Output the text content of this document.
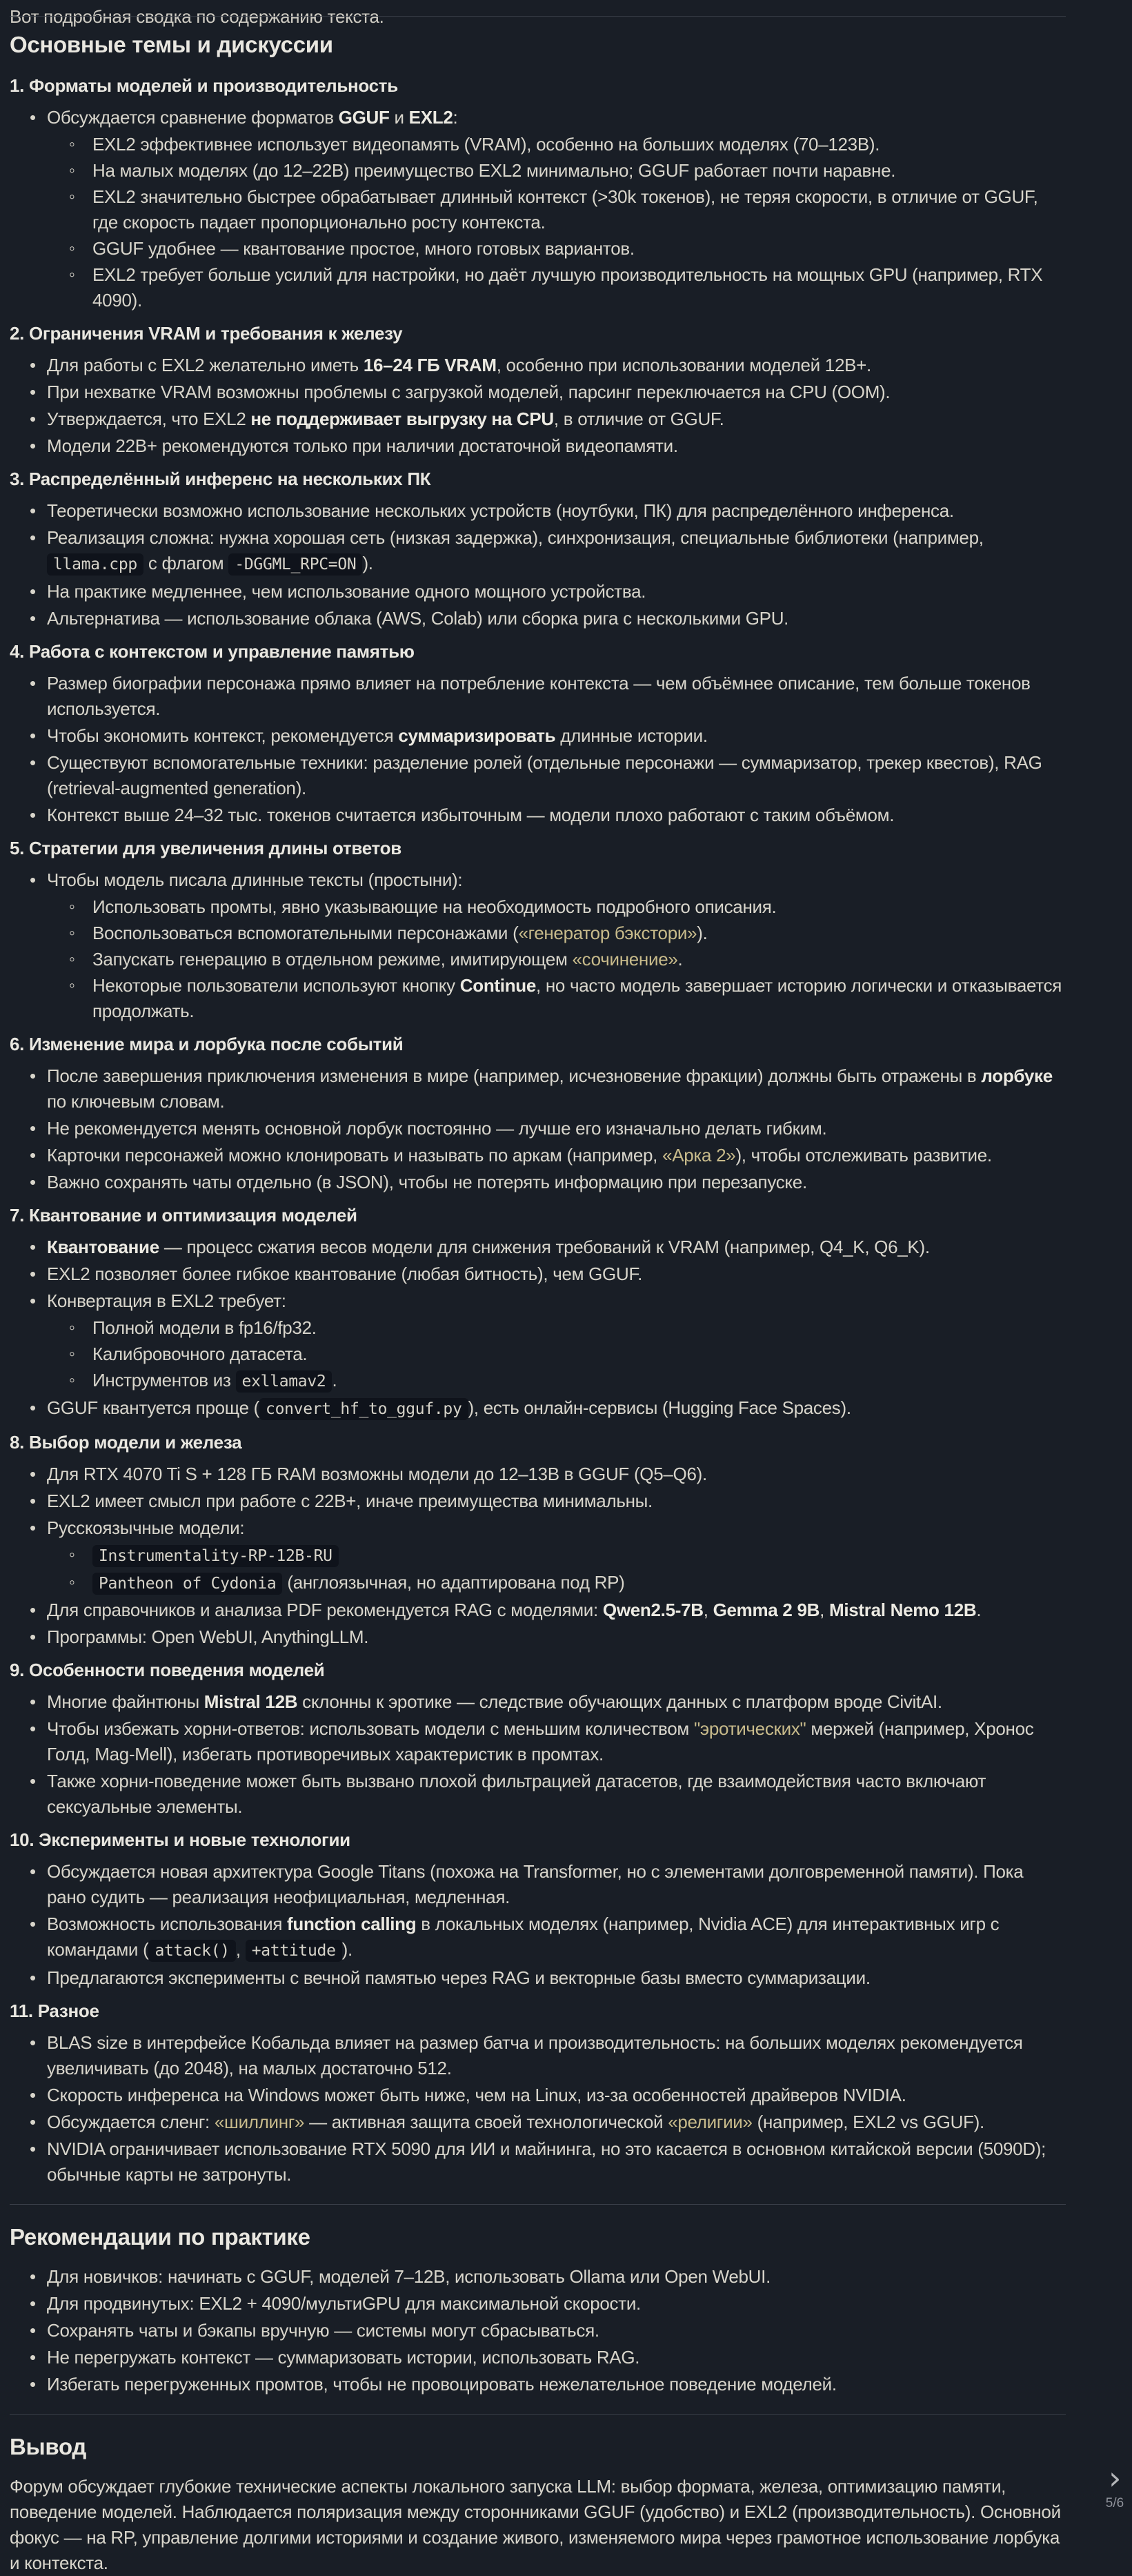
Вот подробная сводка по содержанию текста.
Основные темы и дискуссии
1. Форматы моделей и производительность
• Обсуждается сравнение форматов GGUF и EXL2:
◦ EXL2 эффективнее использует видеопамять (VRAM), особенно на больших моделях (70–123B).
◦ На малых моделях (до 12–22B) преимущество EXL2 минимально; GGUF работает почти наравне.
◦ EXL2 значительно быстрее обрабатывает длинный контекст (>30k токенов), не теряя скорости, в отличие от GGUF, где скорость падает пропорционально росту контекста.
◦ GGUF удобнее — квантование простое, много готовых вариантов.
◦ EXL2 требует больше усилий для настройки, но даёт лучшую производительность на мощных GPU (например, RTX 4090).
2. Ограничения VRAM и требования к железу
• Для работы с EXL2 желательно иметь 16–24 ГБ VRAM, особенно при использовании моделей 12B+.
• При нехватке VRAM возможны проблемы с загрузкой моделей, парсинг переключается на CPU (OOM).
• Утверждается, что EXL2 не поддерживает выгрузку на CPU, в отличие от GGUF.
• Модели 22B+ рекомендуются только при наличии достаточной видеопамяти.
3. Распределённый инференс на нескольких ПК
• Теоретически возможно использование нескольких устройств (ноутбуки, ПК) для распределённого инференса.
• Реализация сложна: нужна хорошая сеть (низкая задержка), синхронизация, специальные библиотеки (например, llama.cpp с флагом -DGGML_RPC=ON ).
• На практике медленнее, чем использование одного мощного устройства.
• Альтернатива — использование облака (AWS, Colab) или сборка рига с несколькими GPU.
4. Работа с контекстом и управление памятью
• Размер биографии персонажа прямо влияет на потребление контекста — чем объёмнее описание, тем больше токенов используется.
• Чтобы экономить контекст, рекомендуется суммаризировать длинные истории.
• Существуют вспомогательные техники: разделение ролей (отдельные персонажи — суммаризатор, трекер квестов), RAG (retrieval-augmented generation).
• Контекст выше 24–32 тыс. токенов считается избыточным — модели плохо работают с таким объёмом.
5. Стратегии для увеличения длины ответов
• Чтобы модель писала длинные тексты (простыни):
◦ Использовать промты, явно указывающие на необходимость подробного описания.
◦ Воспользоваться вспомогательными персонажами («генератор бэкстори»).
◦ Запускать генерацию в отдельном режиме, имитирующем «сочинение».
◦ Некоторые пользователи используют кнопку Continue, но часто модель завершает историю логически и отказывается продолжать.
6. Изменение мира и лорбука после событий
• После завершения приключения изменения в мире (например, исчезновение фракции) должны быть отражены в лорбуке по ключевым словам.
• Не рекомендуется менять основной лорбук постоянно — лучше его изначально делать гибким.
• Карточки персонажей можно клонировать и называть по аркам (например, «Арка 2»), чтобы отслеживать развитие.
• Важно сохранять чаты отдельно (в JSON), чтобы не потерять информацию при перезапуске.
7. Квантование и оптимизация моделей
• Квантование — процесс сжатия весов модели для снижения требований к VRAM (например, Q4_K, Q6_K).
• EXL2 позволяет более гибкое квантование (любая битность), чем GGUF.
• Конвертация в EXL2 требует:
◦ Полной модели в fp16/fp32.
◦ Калибровочного датасета.
◦ Инструментов из exllamav2 .
• GGUF квантуется проще ( convert_hf_to_gguf.py ), есть онлайн-сервисы (Hugging Face Spaces).
8. Выбор модели и железа
• Для RTX 4070 Ti S + 128 ГБ RAM возможны модели до 12–13B в GGUF (Q5–Q6).
• EXL2 имеет смысл при работе с 22B+, иначе преимущества минимальны.
• Русскоязычные модели:
◦ Instrumentality-RP-12B-RU
◦ Pantheon of Cydonia (англоязычная, но адаптирована под RP)
• Для справочников и анализа PDF рекомендуется RAG с моделями: Qwen2.5-7B, Gemma 2 9B, Mistral Nemo 12B.
• Программы: Open WebUI, AnythingLLM.
9. Особенности поведения моделей
• Многие файнтюны Mistral 12B склонны к эротике — следствие обучающих данных с платформ вроде CivitAI.
• Чтобы избежать хорни-ответов: использовать модели с меньшим количеством "эротических" мержей (например, Хронос Голд, Mag-Mell), избегать противоречивых характеристик в промтах.
• Также хорни-поведение может быть вызвано плохой фильтрацией датасетов, где взаимодействия часто включают сексуальные элементы.
10. Эксперименты и новые технологии
• Обсуждается новая архитектура Google Titans (похожа на Transformer, но с элементами долговременной памяти). Пока рано судить — реализация неофициальная, медленная.
• Возможность использования function calling в локальных моделях (например, Nvidia ACE) для интерактивных игр с командами ( attack() , +attitude ).
• Предлагаются эксперименты с вечной памятью через RAG и векторные базы вместо суммаризации.
11. Разное
• BLAS size в интерфейсе Кобальда влияет на размер батча и производительность: на больших моделях рекомендуется увеличивать (до 2048), на малых достаточно 512.
• Скорость инференса на Windows может быть ниже, чем на Linux, из-за особенностей драйверов NVIDIA.
• Обсуждается сленг: «шиллинг» — активная защита своей технологической «религии» (например, EXL2 vs GGUF).
• NVIDIA ограничивает использование RTX 5090 для ИИ и майнинга, но это касается в основном китайской версии (5090D); обычные карты не затронуты.
Рекомендации по практике
• Для новичков: начинать с GGUF, моделей 7–12B, использовать Ollama или Open WebUI.
• Для продвинутых: EXL2 + 4090/мультиGPU для максимальной скорости.
• Сохранять чаты и бэкапы вручную — системы могут сбрасываться.
• Не перегружать контекст — суммаризовать истории, использовать RAG.
• Избегать перегруженных промтов, чтобы не провоцировать нежелательное поведение моделей.
Вывод

Форум обсуждает глубокие технические аспекты локального запуска LLM: выбор формата, железа, оптимизацию памяти, поведение моделей. Наблюдается поляризация между сторонниками GGUF (удобство) и EXL2 (производительность). Основной фокус — на RP, управление долгими историями и создание живого, изменяемого мира через грамотное использование лорбука и контекста.

›
5/6
